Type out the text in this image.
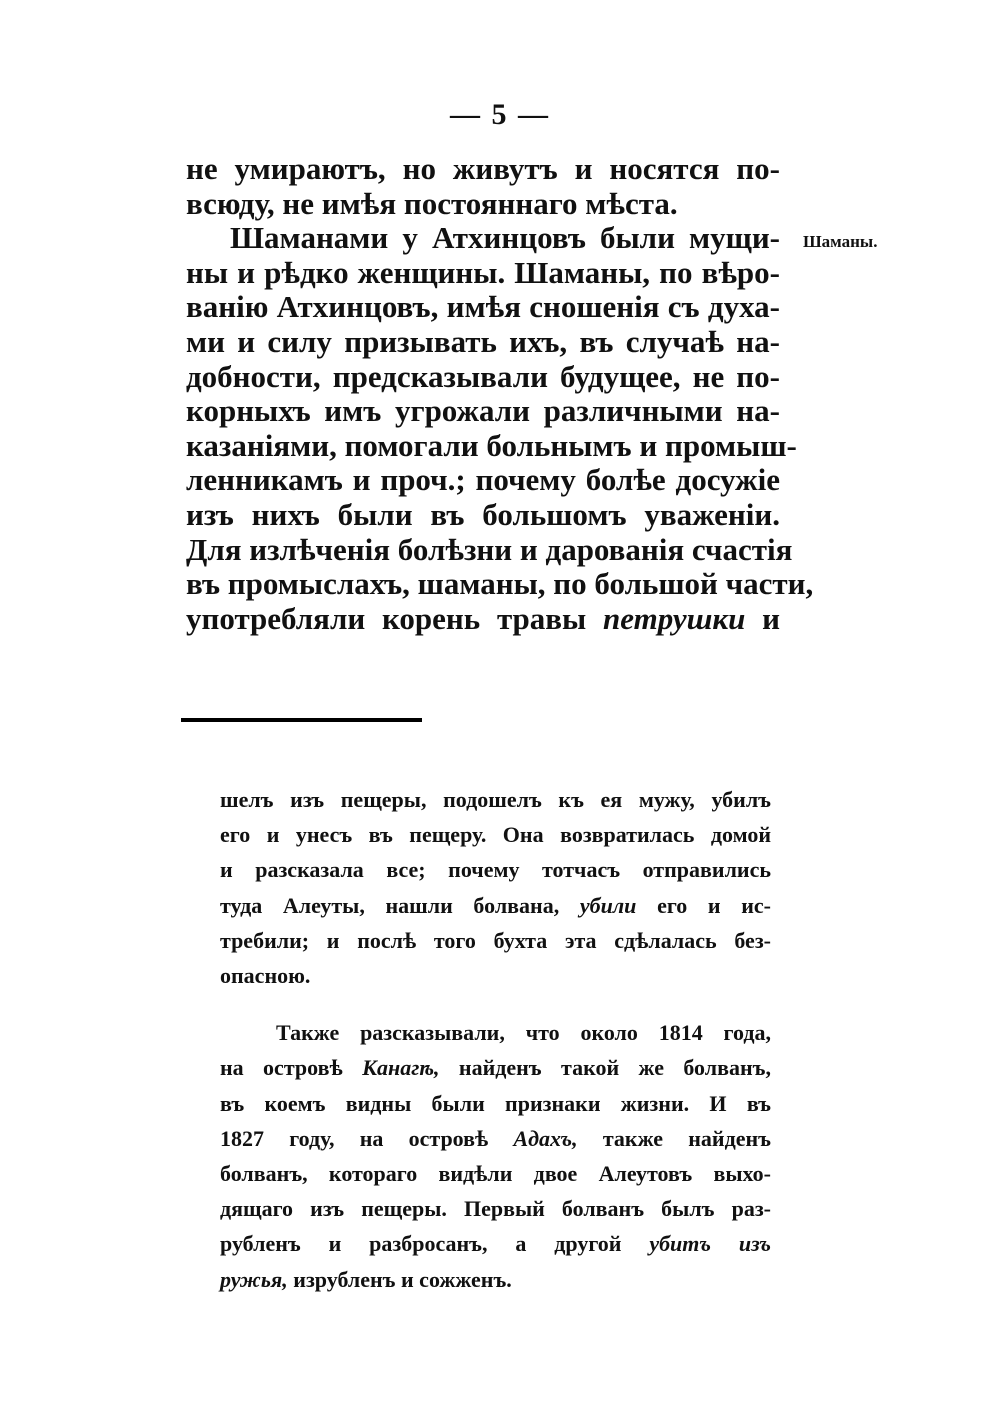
— 5 —
не умираютъ, но живутъ и носятся по-
всюду, не имѣя постояннаго мѣста.
Шаманами у Атхинцовъ были мущи-
ны и рѣдко женщины. Шаманы, по вѣро-
ванію Атхинцовъ, имѣя сношенія съ духа-
ми и силу призывать ихъ, въ случаѣ на-
добности, предсказывали будущее, не по-
корныхъ имъ угрожали различными на-
казаніями, помогали больнымъ и промыш-
ленникамъ и проч.; почему болѣе досужіе
изъ нихъ были въ большомъ уваженіи.
Для излѣченія болѣзни и дарованія счастія
въ промыслахъ, шаманы, по большой части,
употребляли корень травы петрушки и
Шаманы.
шелъ изъ пещеры, подошелъ къ ея мужу, убилъ
его и унесъ въ пещеру. Она возвратилась домой
и разсказала все; почему тотчасъ отправились
туда Алеуты, нашли болвана, убили его и ис-
требили; и послѣ того бухта эта сдѣлалась без-
опасною.
Также разсказывали, что около 1814 года,
на островѣ Канагѣ, найденъ такой же болванъ,
въ коемъ видны были признаки жизни. И въ
1827 году, на островѣ Адахъ, также найденъ
болванъ, котораго видѣли двое Алеутовъ выхо-
дящаго изъ пещеры. Первый болванъ былъ раз-
рубленъ и разбросанъ, а другой убитъ изъ
ружья, изрубленъ и сожженъ.
